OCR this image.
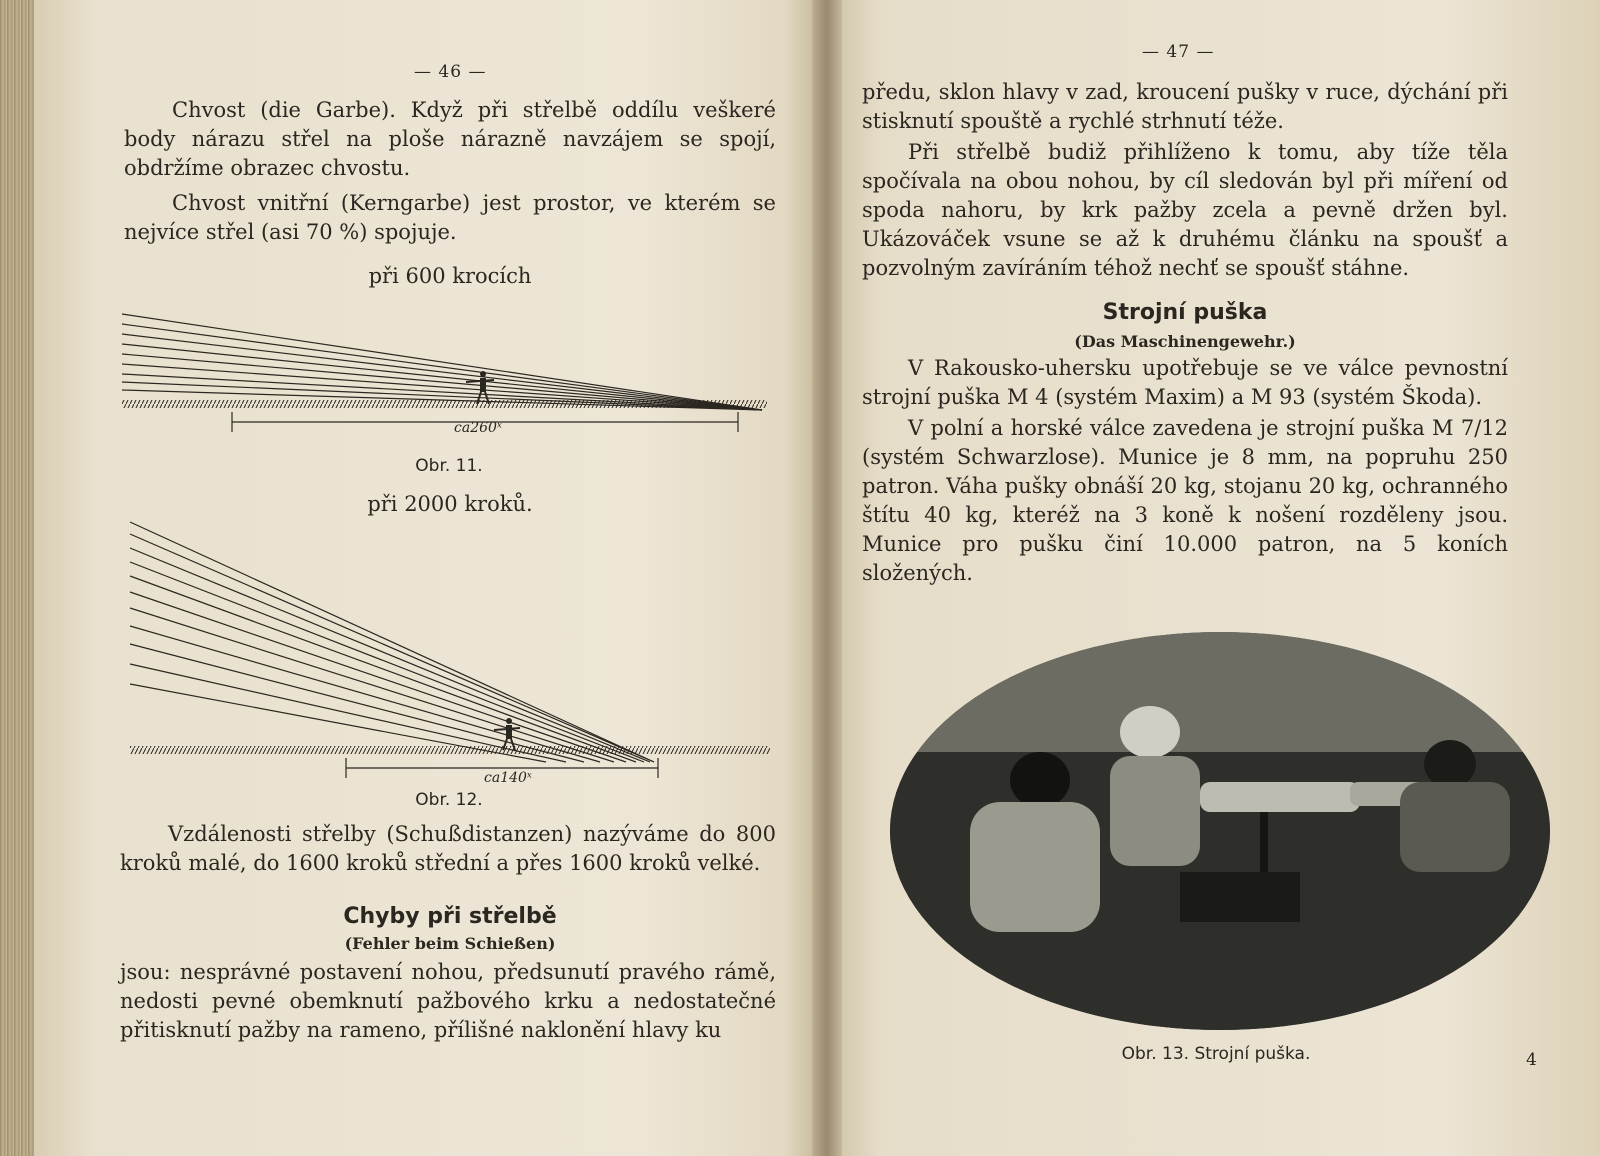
— 46 —

Chvost (die Garbe). Když při střelbě oddílu veškeré body nárazu střel na ploše nárazně navzájem se spojí, obdržíme obrazec chvostu.

Chvost vnitřní (Kerngarbe) jest prostor, ve kterém se nejvíce střel (asi 70 %) spojuje.

při 600 krocích
ca260ˣ
Obr. 11.
při 2000 kroků.
ca140ˣ
Obr. 12.

Vzdálenosti střelby (Schußdistanzen) nazýváme do 800 kroků malé, do 1600 kroků střední a přes 1600 kroků velké.

Chyby při střelbě
(Fehler beim Schießen)

jsou: nesprávné postavení nohou, předsunutí pravého rámě, nedosti pevné obemknutí pažbového krku a nedostatečné přitisknutí pažby na rameno, přílišné naklonění hlavy ku

— 47 —

předu, sklon hlavy v zad, kroucení pušky v ruce, dýchání při stisknutí spouště a rychlé strhnutí téže.

Při střelbě budiž přihlíženo k tomu, aby tíže těla spočívala na obou nohou, by cíl sledován byl při míření od spoda nahoru, by krk pažby zcela a pevně držen byl. Ukázováček vsune se až k druhému článku na spoušť a pozvolným zavíráním téhož nechť se spoušť stáhne.

Strojní puška
(Das Maschinengewehr.)

V Rakousko-uhersku upotřebuje se ve válce pevnostní strojní puška M 4 (systém Maxim) a M 93 (systém Škoda).

V polní a horské válce zavedena je strojní puška M 7/12 (systém Schwarzlose). Munice je 8 mm, na popruhu 250 patron. Váha pušky obnáší 20 kg, stojanu 20 kg, ochranného štítu 40 kg, kteréž na 3 koně k nošení rozděleny jsou. Munice pro pušku činí 10.000 patron, na 5 koních složených.

Obr. 13. Strojní puška.	4
